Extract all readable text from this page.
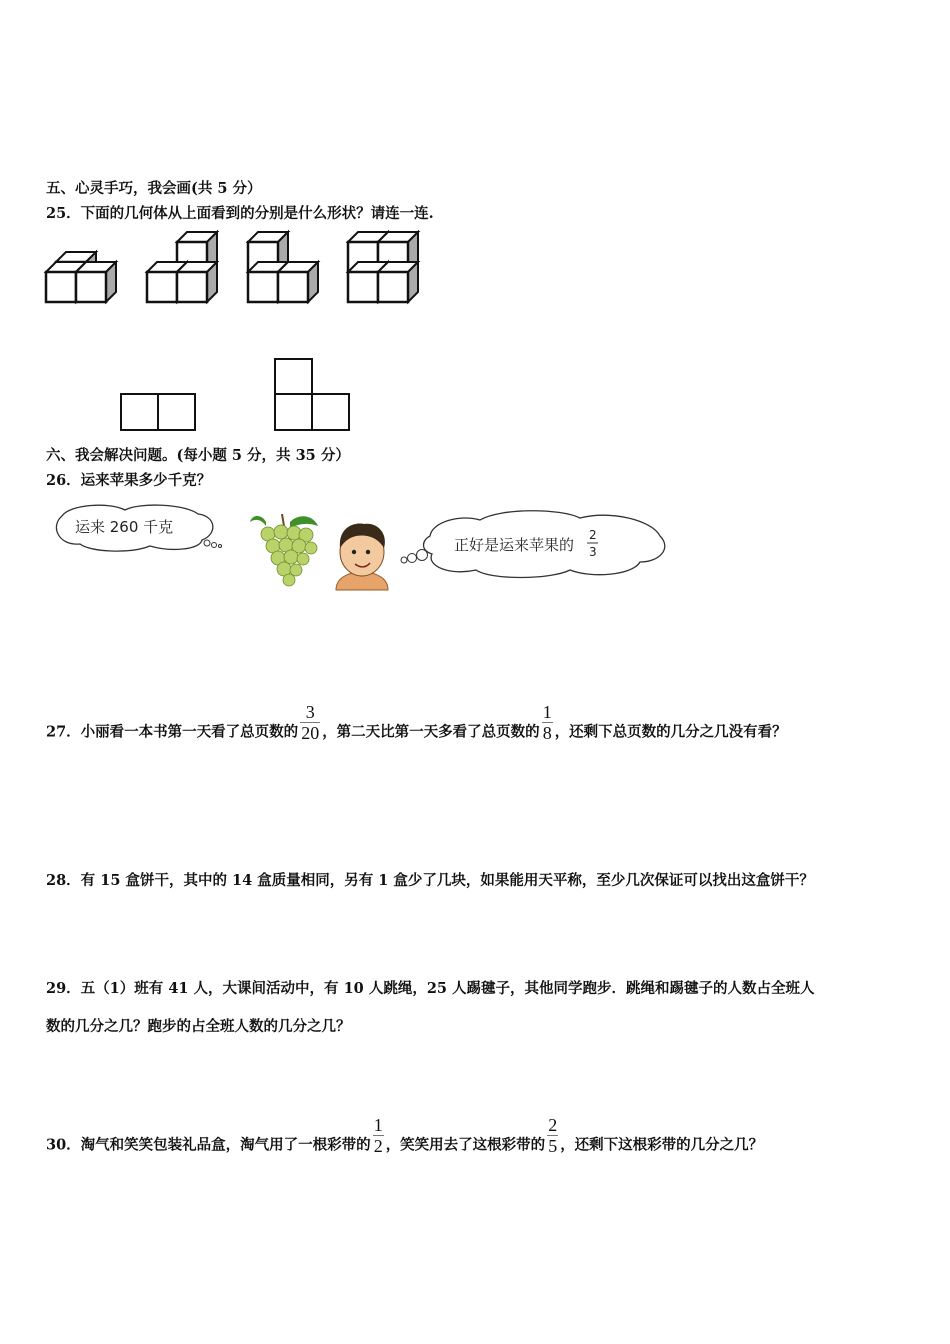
五、心灵手巧，我会画(共 5 分）
25．下面的几何体从上面看到的分别是什么形状？请连一连.
六、我会解决问题。(每小题 5 分，共 35 分）
26．运来苹果多少千克？
运来 260 千克
正好是运来苹果的
2
3
27．小丽看一本书第一天看了总页数的 $\frac{3}{20}$ ，第二天比第一天多看了总页数的 $\frac{1}{8}$ ，还剩下总页数的几分之几没有看？
28．有 15 盒饼干，其中的 14 盒质量相同，另有 1 盒少了几块，如果能用天平称，至少几次保证可以找出这盒饼干？
29．五（1）班有 41 人，大课间活动中，有 10 人跳绳，25 人踢毽子，其他同学跑步．跳绳和踢毽子的人数占全班人
数的几分之几？跑步的占全班人数的几分之几？
30．淘气和笑笑包装礼品盒，淘气用了一根彩带的 $\frac{1}{2}$ ，笑笑用去了这根彩带的 $\frac{2}{5}$ ，还剩下这根彩带的几分之几？
